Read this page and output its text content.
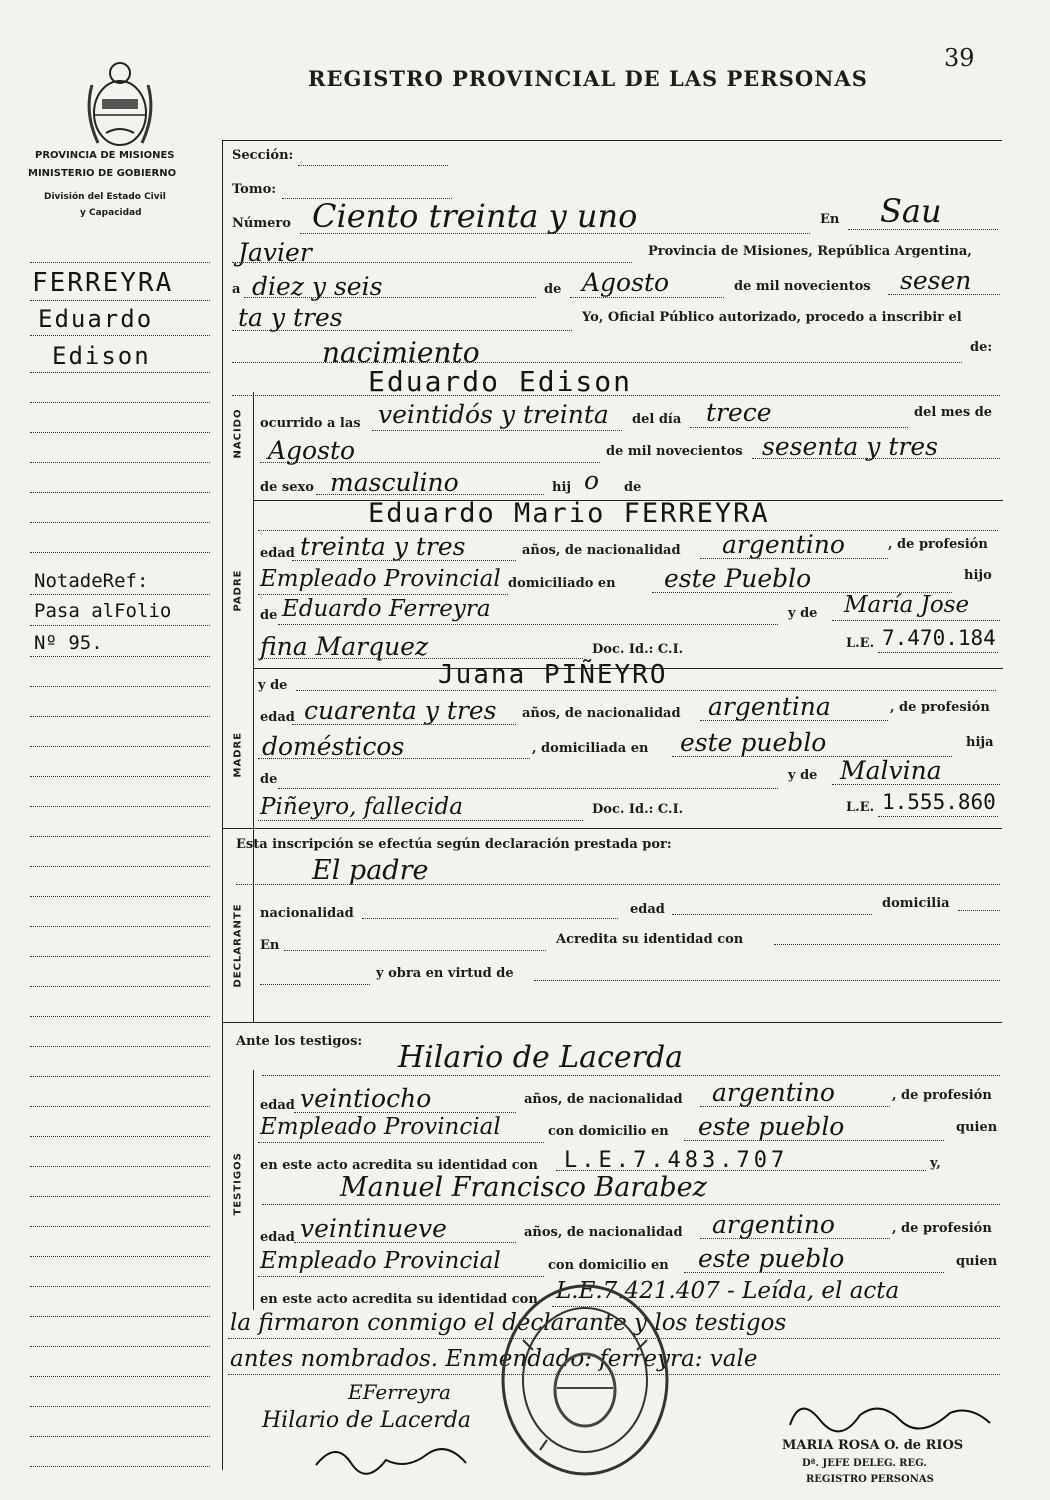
REGISTRO PROVINCIAL DE LAS PERSONAS
39
PROVINCIA DE MISIONES
MINISTERIO DE GOBIERNO
División del Estado Civil
y Capacidad
FERREYRA
Eduardo
Edison
NotadeRef:
Pasa alFolio
Nº 95.
Sección:
Tomo:
Número Ciento treinta y uno	En Sau
Javier	Provincia de Misiones, República Argentina,
a diez y seis	de Agosto	de mil novecientos sesen
ta y tres	Yo, Oficial Público autorizado, procedo a inscribir el
nacimiento	de:
Eduardo Edison
NACIDO ocurrido a las veintidós y treinta del día trece	del mes de
Agosto	de mil novecientos sesenta y tres
de sexo masculino	hij o de
PADRE
Eduardo Mario FERREYRA
edad treinta y tres	años, de nacionalidad argentino	, de profesión
Empleado Provincial domiciliado en este Pueblo	hijo
de Eduardo Ferreyra	y de María Jose
fina Marquez	Doc. Id.: C.I.	L.E. 7.470.184
y de	Juana PIÑEYRO
MADRE
edad cuarenta y tres años, de nacionalidad argentina	, de profesión
domésticos	, domiciliada en este pueblo	hija
de	y de Malvina
Piñeyro, fallecida	Doc. Id.: C.I.	L.E. 1.555.860
Esta inscripción se efectúa según declaración prestada por:
El padre
DECLARANTE nacionalidad	edad	domicilia
En	Acredita su identidad con
y obra en virtud de
Ante los testigos: Hilario de Lacerda
TESTIGOS
edad veintiocho	años, de nacionalidad argentino	, de profesión
Empleado Provincial	con domicilio en este pueblo	quien
en este acto acredita su identidad con L.E.7.483.707	y,
Manuel Francisco Barabez
edad veintinueve	años, de nacionalidad argentino	, de profesión
Empleado Provincial	con domicilio en este pueblo	quien
en este acto acredita su identidad con L.E.7.421.407 - Leída, el acta
la firmaron conmigo el declarante y los testigos
antes nombrados. Enmendado: ferreyra: vale
EFerreyra
Hilario de Lacerda
MARIA ROSA O. de RIOS
Dª. JEFE DELEG. REG.
REGISTRO PERSONAS
